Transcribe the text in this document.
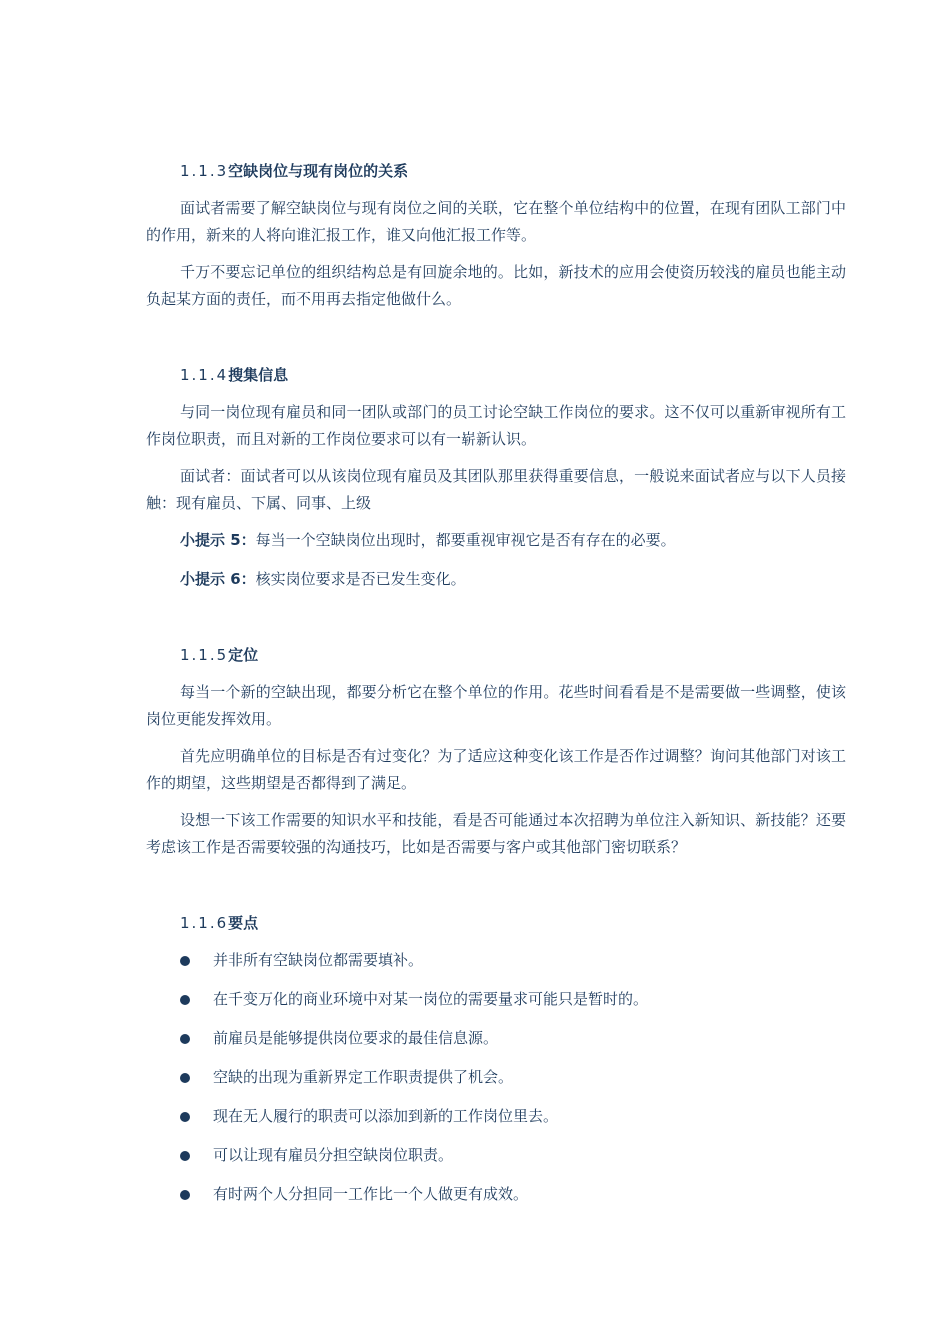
1.1.3空缺岗位与现有岗位的关系

面试者需要了解空缺岗位与现有岗位之间的关联，它在整个单位结构中的位置，在现有团队工部门中的作用，新来的人将向谁汇报工作，谁又向他汇报工作等。

千万不要忘记单位的组织结构总是有回旋余地的。比如，新技术的应用会使资历较浅的雇员也能主动负起某方面的责任，而不用再去指定他做什么。

1.1.4搜集信息

与同一岗位现有雇员和同一团队或部门的员工讨论空缺工作岗位的要求。这不仅可以重新审视所有工作岗位职责，而且对新的工作岗位要求可以有一崭新认识。

面试者：面试者可以从该岗位现有雇员及其团队那里获得重要信息，一般说来面试者应与以下人员接触：现有雇员、下属、同事、上级

小提示 5：每当一个空缺岗位出现时，都要重视审视它是否有存在的必要。

小提示 6：核实岗位要求是否已发生变化。

1.1.5定位

每当一个新的空缺出现，都要分析它在整个单位的作用。花些时间看看是不是需要做一些调整，使该岗位更能发挥效用。

首先应明确单位的目标是否有过变化？为了适应这种变化该工作是否作过调整？询问其他部门对该工作的期望，这些期望是否都得到了满足。

设想一下该工作需要的知识水平和技能，看是否可能通过本次招聘为单位注入新知识、新技能？还要考虑该工作是否需要较强的沟通技巧，比如是否需要与客户或其他部门密切联系？

1.1.6要点
并非所有空缺岗位都需要填补。
在千变万化的商业环境中对某一岗位的需要量求可能只是暂时的。
前雇员是能够提供岗位要求的最佳信息源。
空缺的出现为重新界定工作职责提供了机会。
现在无人履行的职责可以添加到新的工作岗位里去。
可以让现有雇员分担空缺岗位职责。
有时两个人分担同一工作比一个人做更有成效。
